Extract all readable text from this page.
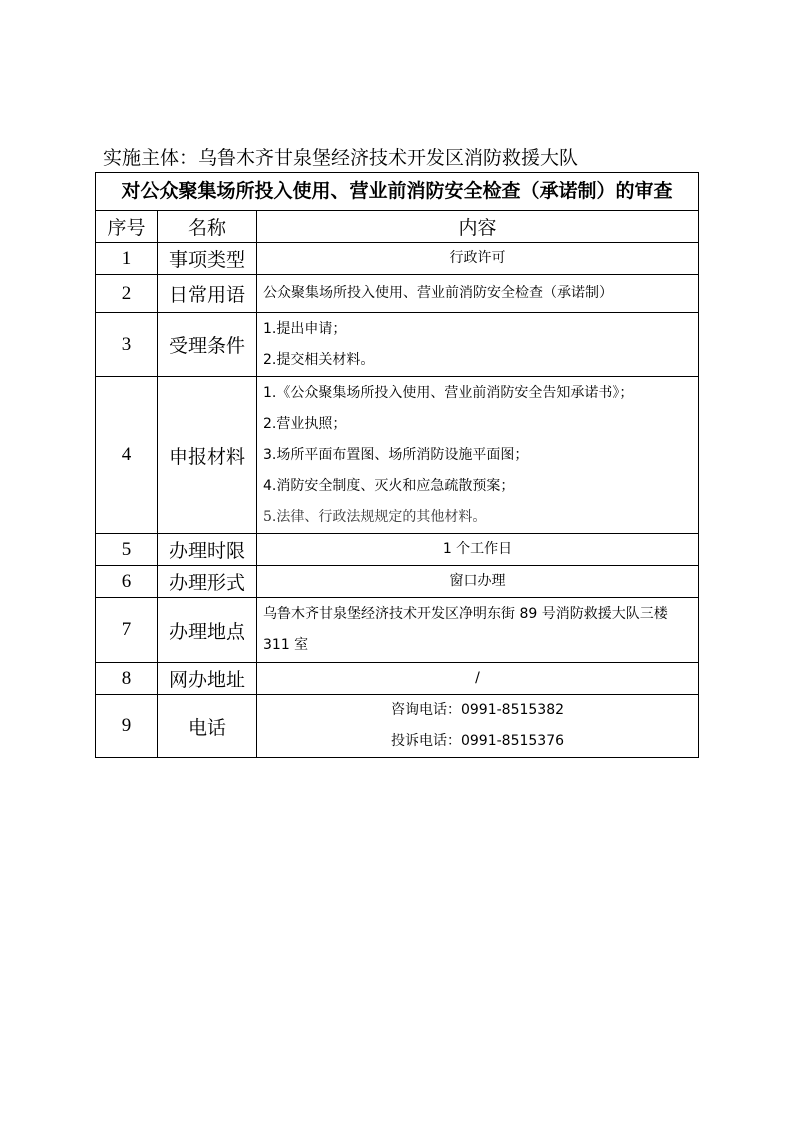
实施主体：乌鲁木齐甘泉堡经济技术开发区消防救援大队
对公众聚集场所投入使用、营业前消防安全检查（承诺制）的审查		
序号	名称	内容
1	事项类型	行政许可

2	日常用语	公众聚集场所投入使用、营业前消防安全检查（承诺制）

3	受理条件	1.提出申请；
2.提交相关材料。

4	申报材料	1.《公众聚集场所投入使用、营业前消防安全告知承诺书》；
2.营业执照；
3.场所平面布置图、场所消防设施平面图；
4.消防安全制度、灭火和应急疏散预案；
5.法律、行政法规规定的其他材料。

5	办理时限	1 个工作日

6	办理形式	窗口办理

7	办理地点	乌鲁木齐甘泉堡经济技术开发区净明东街 89 号消防救援大队三楼 311 室

8	网办地址	/

9	电话	咨询电话：0991-8515382
投诉电话：0991-8515376
